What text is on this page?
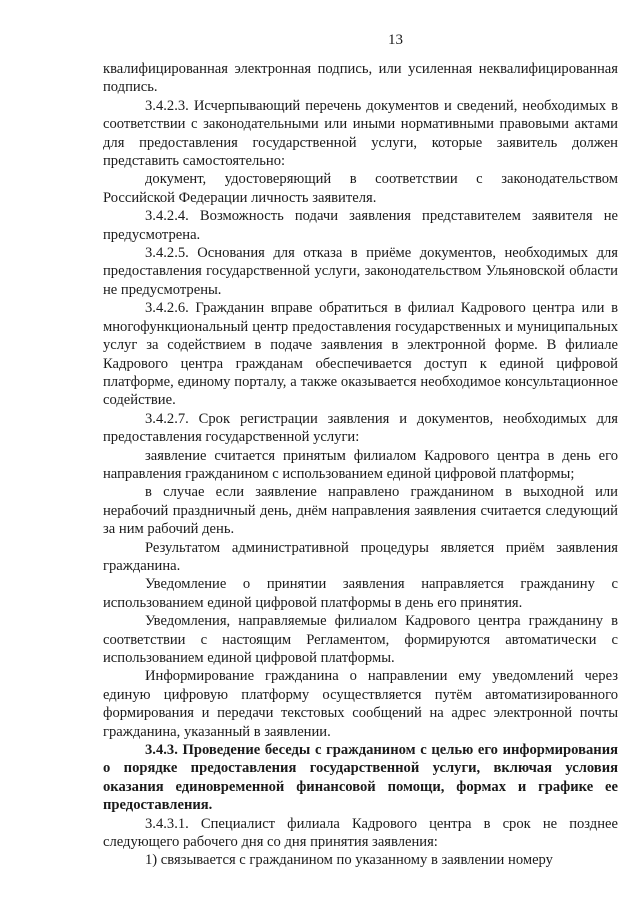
13

квалифицированная электронная подпись, или усиленная неквалифицированная подпись.

3.4.2.3. Исчерпывающий перечень документов и сведений, необходимых в соответствии с законодательными или иными нормативными правовыми актами для предоставления государственной услуги, которые заявитель должен представить самостоятельно:

документ, удостоверяющий в соответствии с законодательством Российской Федерации личность заявителя.

3.4.2.4. Возможность подачи заявления представителем заявителя не предусмотрена.

3.4.2.5. Основания для отказа в приёме документов, необходимых для предоставления государственной услуги, законодательством Ульяновской области не предусмотрены.

3.4.2.6. Гражданин вправе обратиться в филиал Кадрового центра или в многофункциональный центр предоставления государственных и муниципальных услуг за содействием в подаче заявления в электронной форме. В филиале Кадрового центра гражданам обеспечивается доступ к единой цифровой платформе, единому порталу, а также оказывается необходимое консультационное содействие.

3.4.2.7. Срок регистрации заявления и документов, необходимых для предоставления государственной услуги:

заявление считается принятым филиалом Кадрового центра в день его направления гражданином с использованием единой цифровой платформы;

в случае если заявление направлено гражданином в выходной или нерабочий праздничный день, днём направления заявления считается следующий за ним рабочий день.

Результатом административной процедуры является приём заявления гражданина.

Уведомление о принятии заявления направляется гражданину с использованием единой цифровой платформы в день его принятия.

Уведомления, направляемые филиалом Кадрового центра гражданину в соответствии с настоящим Регламентом, формируются автоматически с использованием единой цифровой платформы.

Информирование гражданина о направлении ему уведомлений через единую цифровую платформу осуществляется путём автоматизированного формирования и передачи текстовых сообщений на адрес электронной почты гражданина, указанный в заявлении.

3.4.3. Проведение беседы с гражданином с целью его информирования о порядке предоставления государственной услуги, включая условия оказания единовременной финансовой помощи, формах и графике ее предоставления.

3.4.3.1. Специалист филиала Кадрового центра в срок не позднее следующего рабочего дня со дня принятия заявления:

1) связывается с гражданином по указанному в заявлении номеру
